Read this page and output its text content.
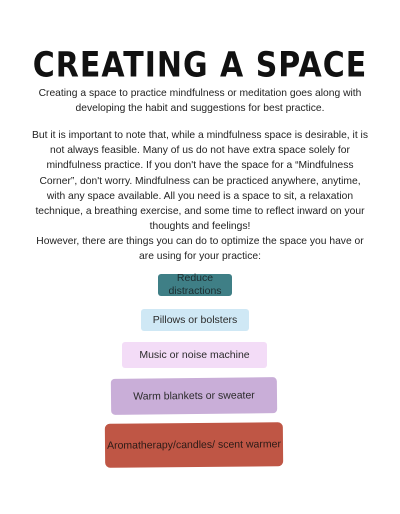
CREATING A SPACE

Creating a space to practice mindfulness or meditation goes along with developing the habit and suggestions for best practice.

But it is important to note that, while a mindfulness space is desirable, it is not always feasible. Many of us do not have extra space solely for mindfulness practice. If you don't have the space for a “Mindfulness Corner”, don't worry. Mindfulness can be practiced anywhere, anytime, with any space available. All you need is a space to sit, a relaxation technique, a breathing exercise, and some time to reflect inward on your thoughts and feelings!

However, there are things you can do to optimize the space you have or are using for your practice:

Reduce distractions
Pillows or bolsters
Music or noise machine
Warm blankets or sweater
Aromatherapy/candles/ scent warmer
